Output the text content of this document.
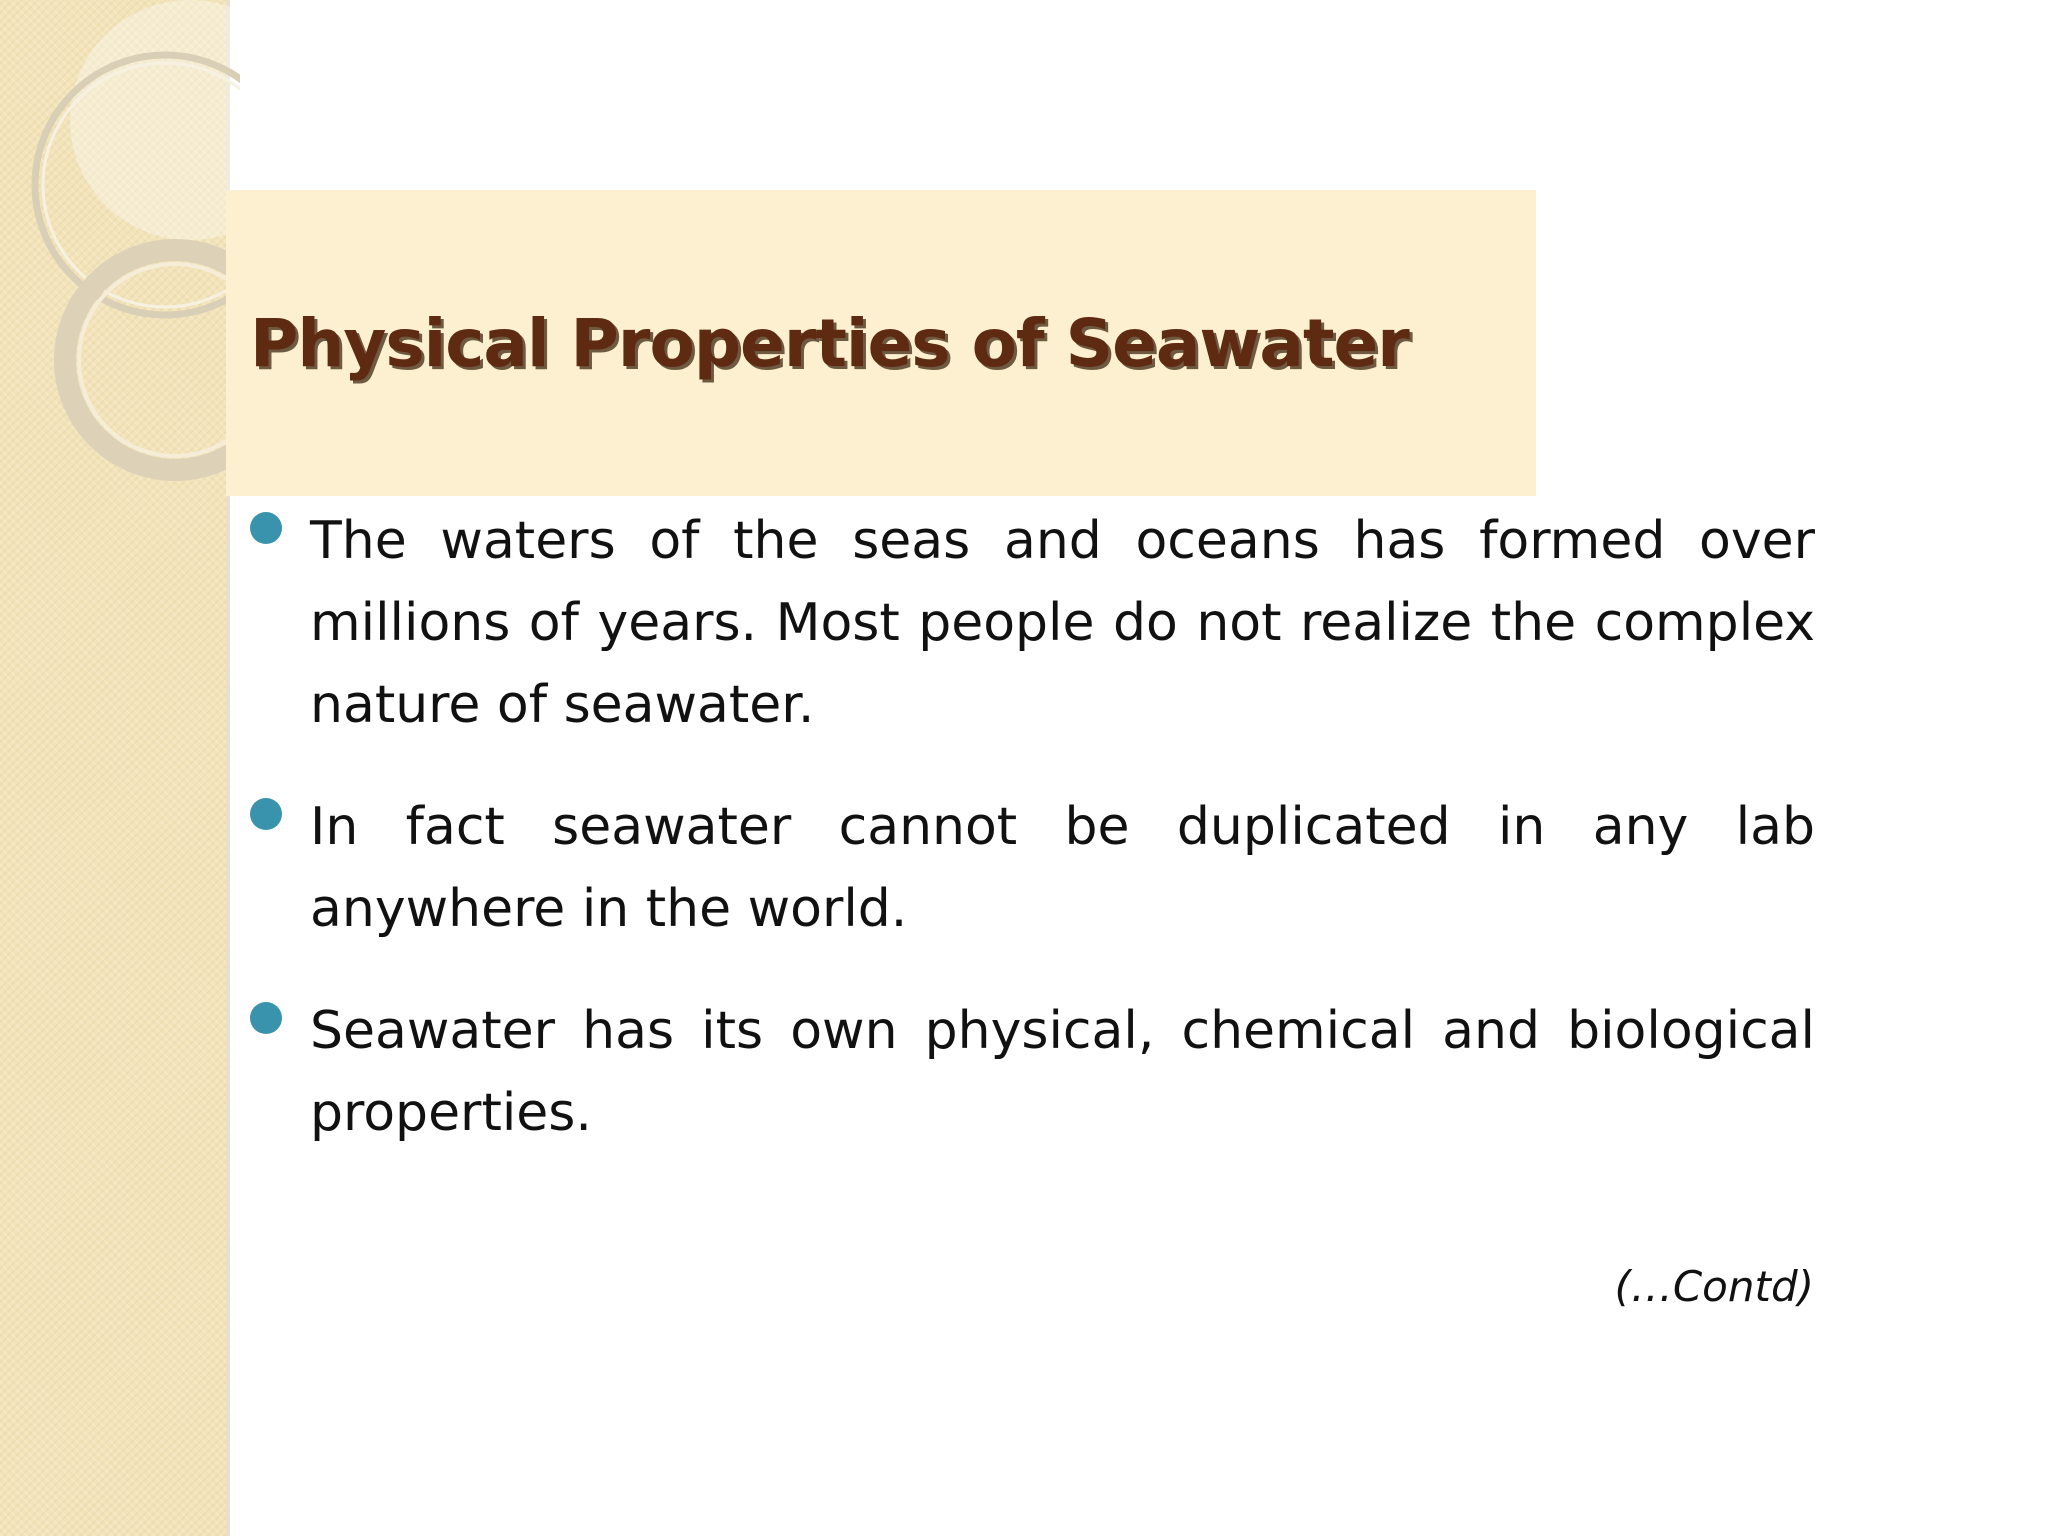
Physical Properties of Seawater
The waters of the seas and oceans has formed over millions of years. Most people do not realize the complex nature of seawater.
In fact seawater cannot be duplicated in any lab anywhere in the world.
Seawater has its own physical, chemical and biological properties.
(…Contd)
